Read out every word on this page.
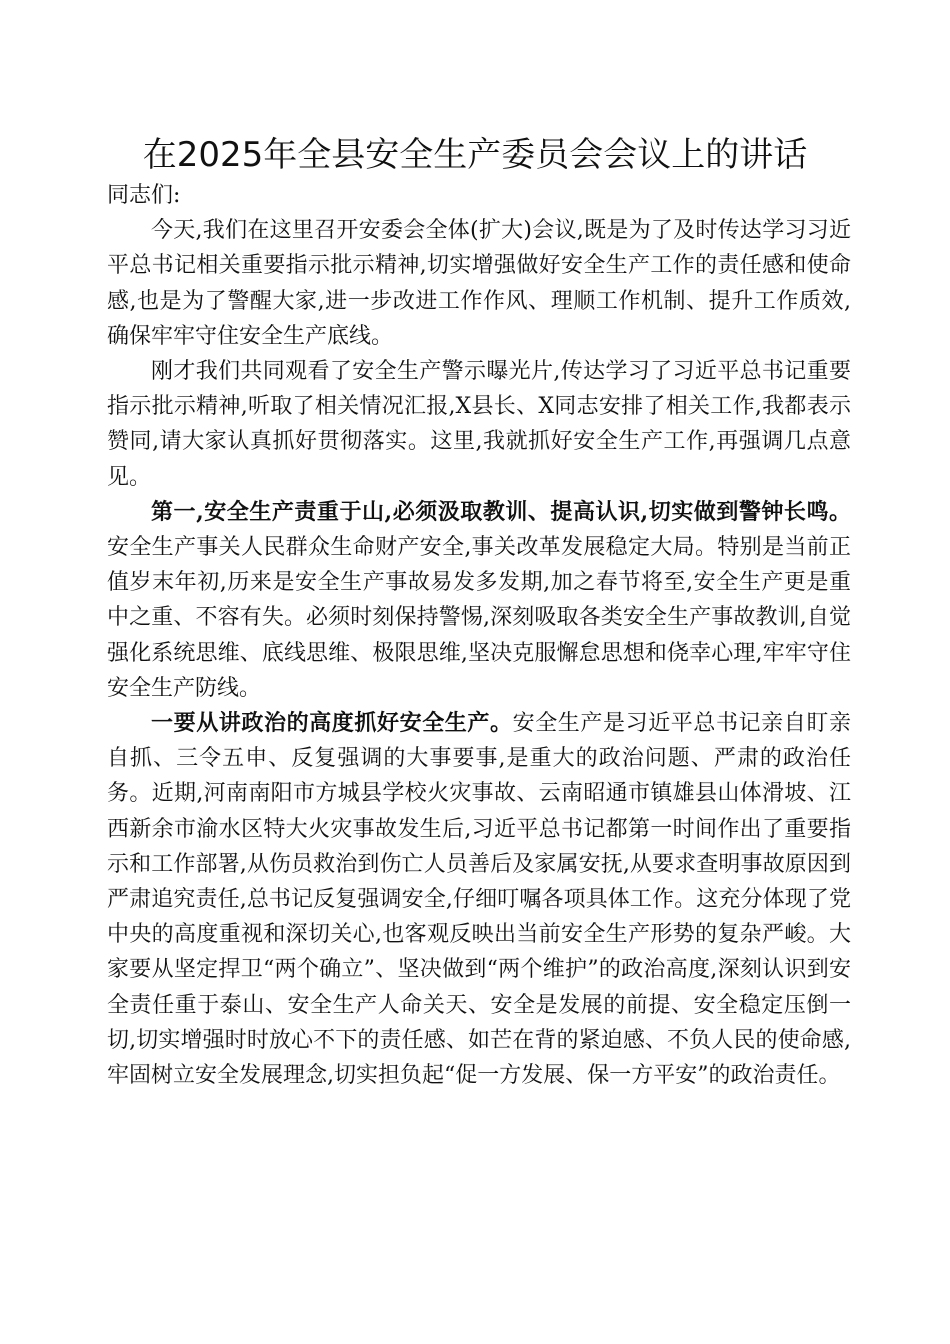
在2025年全县安全生产委员会会议上的讲话

同志们:

今天,我们在这里召开安委会全体(扩大)会议,既是为了及时传达学习习近平总书记相关重要指示批示精神,切实增强做好安全生产工作的责任感和使命感,也是为了警醒大家,进一步改进工作作风、理顺工作机制、提升工作质效,确保牢牢守住安全生产底线。

刚才我们共同观看了安全生产警示曝光片,传达学习了习近平总书记重要指示批示精神,听取了相关情况汇报,X县长、X同志安排了相关工作,我都表示赞同,请大家认真抓好贯彻落实。这里,我就抓好安全生产工作,再强调几点意见。

第一,安全生产责重于山,必须汲取教训、提高认识,切实做到警钟长鸣。安全生产事关人民群众生命财产安全,事关改革发展稳定大局。特别是当前正值岁末年初,历来是安全生产事故易发多发期,加之春节将至,安全生产更是重中之重、不容有失。必须时刻保持警惕,深刻吸取各类安全生产事故教训,自觉强化系统思维、底线思维、极限思维,坚决克服懈怠思想和侥幸心理,牢牢守住安全生产防线。

一要从讲政治的高度抓好安全生产。安全生产是习近平总书记亲自盯亲自抓、三令五申、反复强调的大事要事,是重大的政治问题、严肃的政治任务。近期,河南南阳市方城县学校火灾事故、云南昭通市镇雄县山体滑坡、江西新余市渝水区特大火灾事故发生后,习近平总书记都第一时间作出了重要指示和工作部署,从伤员救治到伤亡人员善后及家属安抚,从要求查明事故原因到严肃追究责任,总书记反复强调安全,仔细叮嘱各项具体工作。这充分体现了党中央的高度重视和深切关心,也客观反映出当前安全生产形势的复杂严峻。大家要从坚定捍卫“两个确立”、坚决做到“两个维护”的政治高度,深刻认识到安全责任重于泰山、安全生产人命关天、安全是发展的前提、安全稳定压倒一切,切实增强时时放心不下的责任感、如芒在背的紧迫感、不负人民的使命感,牢固树立安全发展理念,切实担负起“促一方发展、保一方平安”的政治责任。
